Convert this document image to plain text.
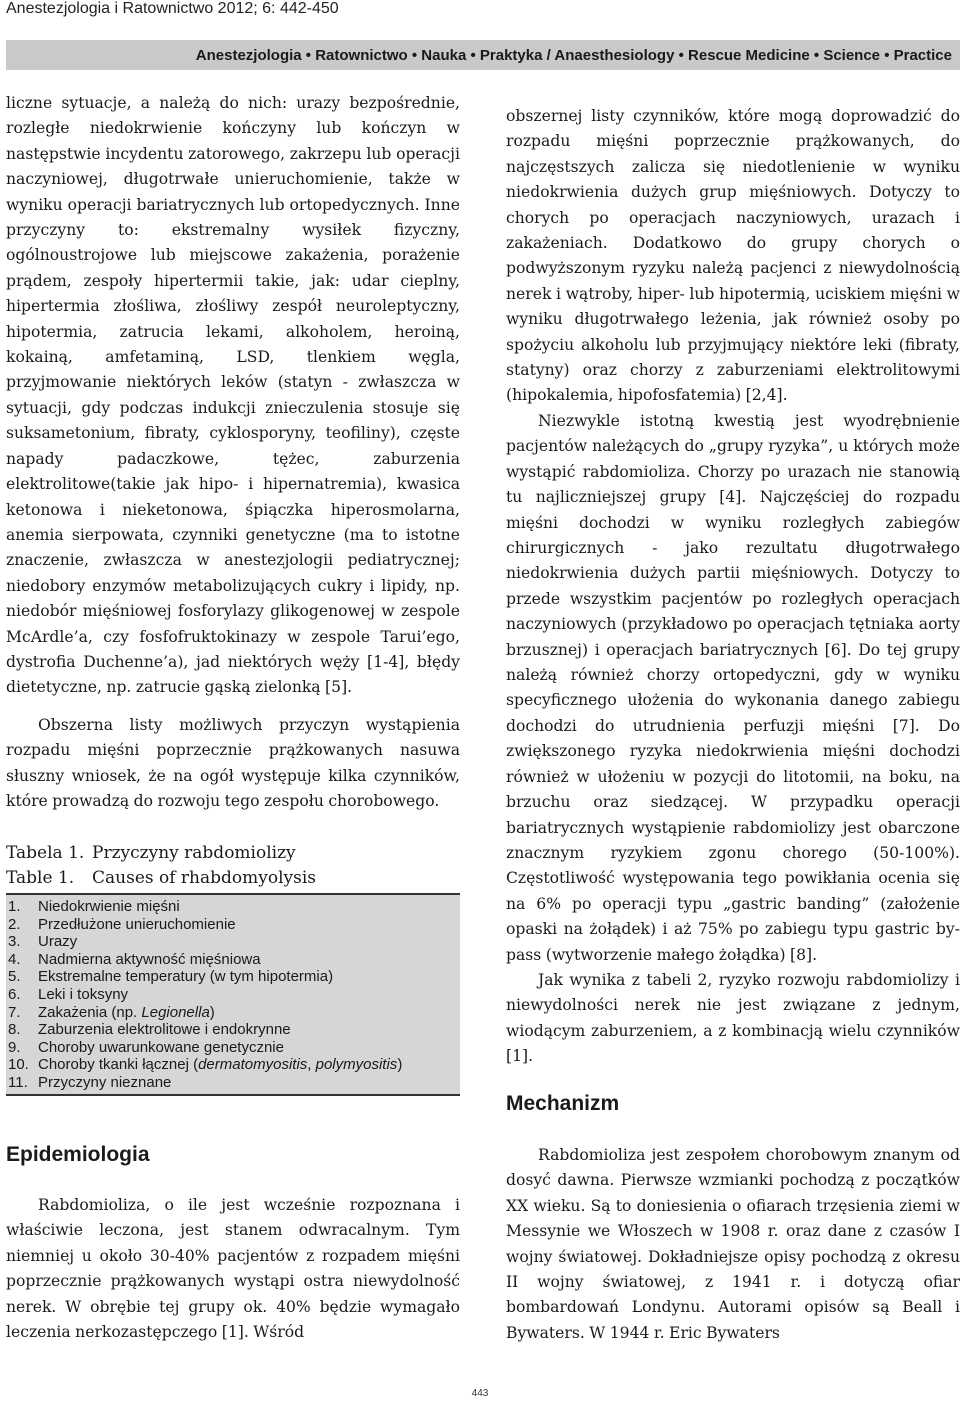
Anestezjologia i Ratownictwo 2012; 6: 442-450
Anestezjologia • Ratownictwo • Nauka • Praktyka / Anaesthesiology • Rescue Medicine • Science • Practice

liczne sytuacje, a należą do nich: urazy bezpośrednie, rozległe niedokrwienie kończyny lub kończyn w następstwie incydentu zatorowego, zakrzepu lub operacji naczyniowej, długotrwałe unieruchomienie, także w wyniku operacji bariatrycznych lub ortopedycznych. Inne przyczyny to: ekstremalny wysiłek fizyczny, ogólnoustrojowe lub miejscowe zakażenia, porażenie prądem, zespoły hipertermii takie, jak: udar cieplny, hipertermia złośliwa, złośliwy zespół neuroleptyczny, hipotermia, zatrucia lekami, alkoholem, heroiną, kokainą, amfetaminą, LSD, tlenkiem węgla, przyjmowanie niektórych leków (statyn - zwłaszcza w sytuacji, gdy podczas indukcji znieczulenia stosuje się suksametonium, fibraty, cyklosporyny, teofiliny), częste napady padaczkowe, tężec, zaburzenia elektrolitowe(takie jak hipo- i hipernatremia), kwasica ketonowa i nieketonowa, śpiączka hiperosmolarna, anemia sierpowata, czynniki genetyczne (ma to istotne znaczenie, zwłaszcza w anestezjologii pediatrycznej; niedobory enzymów metabolizujących cukry i lipidy, np. niedobór mięśniowej fosforylazy glikogenowej w zespole McArdle’a, czy fosfofruktokinazy w zespole Tarui’ego, dystrofia Duchenne’a), jad niektórych węży [1-4], błędy dietetyczne, np. zatrucie gąską zielonką [5].

Obszerna listy możliwych przyczyn wystąpienia rozpadu mięśni poprzecznie prążkowanych nasuwa słuszny wniosek, że na ogół występuje kilka czynników, które prowadzą do rozwoju tego zespołu chorobowego.

Tabela 1. Przyczyny rabdomiolizy
Table 1. Causes of rhabdomyolysis
1.	Niedokrwienie mięśni
2.	Przedłużone unieruchomienie
3.	Urazy
4.	Nadmierna aktywność mięśniowa
5.	Ekstremalne temperatury (w tym hipotermia)
6.	Leki i toksyny
7.	Zakażenia (np. Legionella)
8.	Zaburzenia elektrolitowe i endokrynne
9.	Choroby uwarunkowane genetycznie
10. Choroby tkanki łącznej (dermatomyositis, polymyositis)
11. Przyczyny nieznane
Epidemiologia

Rabdomioliza, o ile jest wcześnie rozpoznana i właściwie leczona, jest stanem odwracalnym. Tym niemniej u około 30-40% pacjentów z rozpadem mięśni poprzecznie prążkowanych wystąpi ostra niewydolność nerek. W obrębie tej grupy ok. 40% będzie wymagało leczenia nerkozastępczego [1]. Wśród

obszernej listy czynników, które mogą doprowadzić do rozpadu mięśni poprzecznie prążkowanych, do najczęstszych zalicza się niedotlenienie w wyniku niedokrwienia dużych grup mięśniowych. Dotyczy to chorych po operacjach naczyniowych, urazach i zakażeniach. Dodatkowo do grupy chorych o podwyższonym ryzyku należą pacjenci z niewydolnością nerek i wątroby, hiper- lub hipotermią, uciskiem mięśni w wyniku długotrwałego leżenia, jak również osoby po spożyciu alkoholu lub przyjmujący niektóre leki (fibraty, statyny) oraz chorzy z zaburzeniami elektrolitowymi (hipokalemia, hipofosfatemia) [2,4].

Niezwykle istotną kwestią jest wyodrębnienie pacjentów należących do „grupy ryzyka”, u których może wystąpić rabdomioliza. Chorzy po urazach nie stanowią tu najliczniejszej grupy [4]. Najczęściej do rozpadu mięśni dochodzi w wyniku rozległych zabiegów chirurgicznych - jako rezultatu długotrwałego niedokrwienia dużych partii mięśniowych. Dotyczy to przede wszystkim pacjentów po rozległych operacjach naczyniowych (przykładowo po operacjach tętniaka aorty brzusznej) i operacjach bariatrycznych [6]. Do tej grupy należą również chorzy ortopedyczni, gdy w wyniku specyficznego ułożenia do wykonania danego zabiegu dochodzi do utrudnienia perfuzji mięśni [7]. Do zwiększonego ryzyka niedokrwienia mięśni dochodzi również w ułożeniu w pozycji do litotomii, na boku, na brzuchu oraz siedzącej. W przypadku operacji bariatrycznych wystąpienie rabdomiolizy jest obarczone znacznym ryzykiem zgonu chorego (50-100%). Częstotliwość występowania tego powikłania ocenia się na 6% po operacji typu „gastric banding” (założenie opaski na żołądek) i aż 75% po zabiegu typu gastric by-pass (wytworzenie małego żołądka) [8].

Jak wynika z tabeli 2, ryzyko rozwoju rabdomiolizy i niewydolności nerek nie jest związane z jednym, wiodącym zaburzeniem, a z kombinacją wielu czynników [1].

Mechanizm

Rabdomioliza jest zespołem chorobowym znanym od dosyć dawna. Pierwsze wzmianki pochodzą z początków XX wieku. Są to doniesienia o ofiarach trzęsienia ziemi w Messynie we Włoszech w 1908 r. oraz dane z czasów I wojny światowej. Dokładniejsze opisy pochodzą z okresu II wojny światowej, z 1941 r. i dotyczą ofiar bombardowań Londynu. Autorami opisów są Beall i Bywaters. W 1944 r. Eric Bywaters

443
